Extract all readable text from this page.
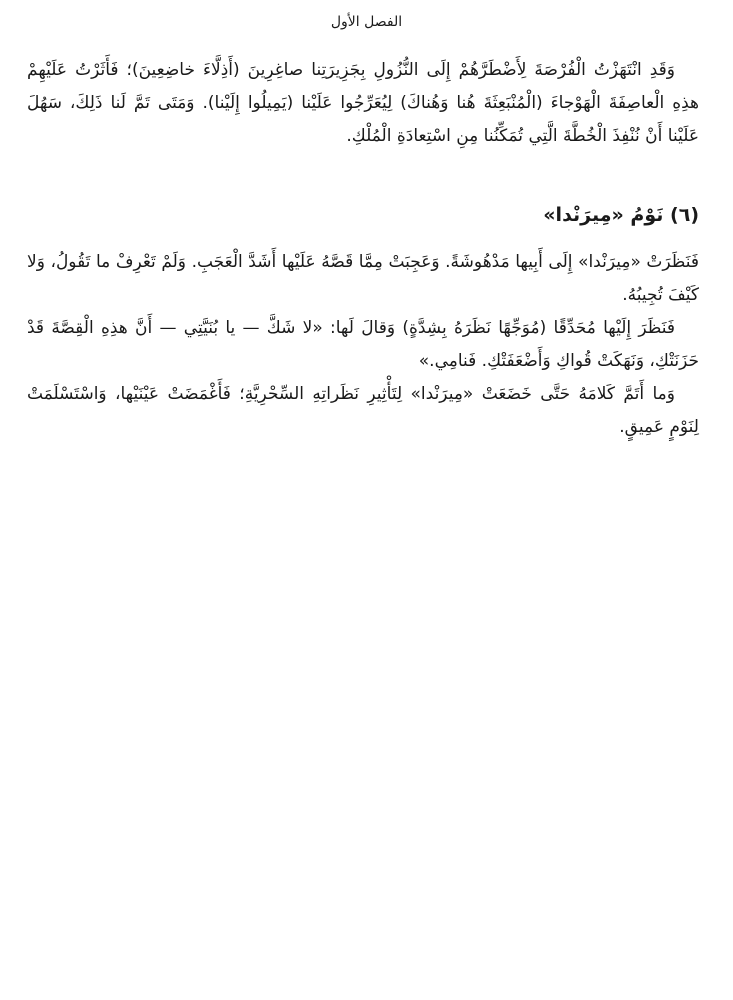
الفصل الأول

وَقَدِ انْتَهَزْتُ الْفُرْصَةَ لِأَضْطَرَّهُمْ إِلَى النُّزُولِ بِجَزِيرَتِنا صاغِرِينَ (أَذِلَّاءَ خاضِعِينَ)؛ فَأَثَرْتُ عَلَيْهِمْ هذِهِ الْعاصِفَةَ الْهَوْجاءَ (الْمُنْبَعِثَةَ هُنا وَهُناكَ) لِيُعَرِّجُوا عَلَيْنا (يَمِيلُوا إِلَيْنا). وَمَتَى تَمَّ لَنا ذَلِكَ، سَهُلَ عَلَيْنا أَنْ نُنْفِذَ الْخُطَّةَ الَّتِي تُمَكِّنُنا مِنِ اسْتِعادَةِ الْمُلْكِ.

(٦) نَوْمُ «مِيرَنْدا»

فَنَظَرَتْ «مِيرَنْدا» إِلَى أَبِيها مَدْهُوشَةً. وَعَجِبَتْ مِمَّا قَصَّهُ عَلَيْها أَشَدَّ الْعَجَبِ. وَلَمْ تَعْرِفْ ما تَقُولُ، وَلا كَيْفَ تُجِيبُهُ.

فَنَظَرَ إِلَيْها مُحَدِّقًا (مُوَجِّهًا نَظَرَهُ بِشِدَّةٍ) وَقالَ لَها: «لا شَكَّ — يا بُنَيَّتِي — أَنَّ هذِهِ الْقِصَّةَ قَدْ حَزَنَتْكِ، وَنَهَكَتْ قُواكِ وَأَضْعَفَتْكِ. فَنامِي.»

وَما أَتَمَّ كَلامَهُ حَتَّى خَضَعَتْ «مِيرَنْدا» لِتَأْثِيرِ نَظَراتِهِ السِّحْرِيَّةِ؛ فَأَغْمَضَتْ عَيْنَيْها، وَاسْتَسْلَمَتْ لِنَوْمٍ عَمِيقٍ.
